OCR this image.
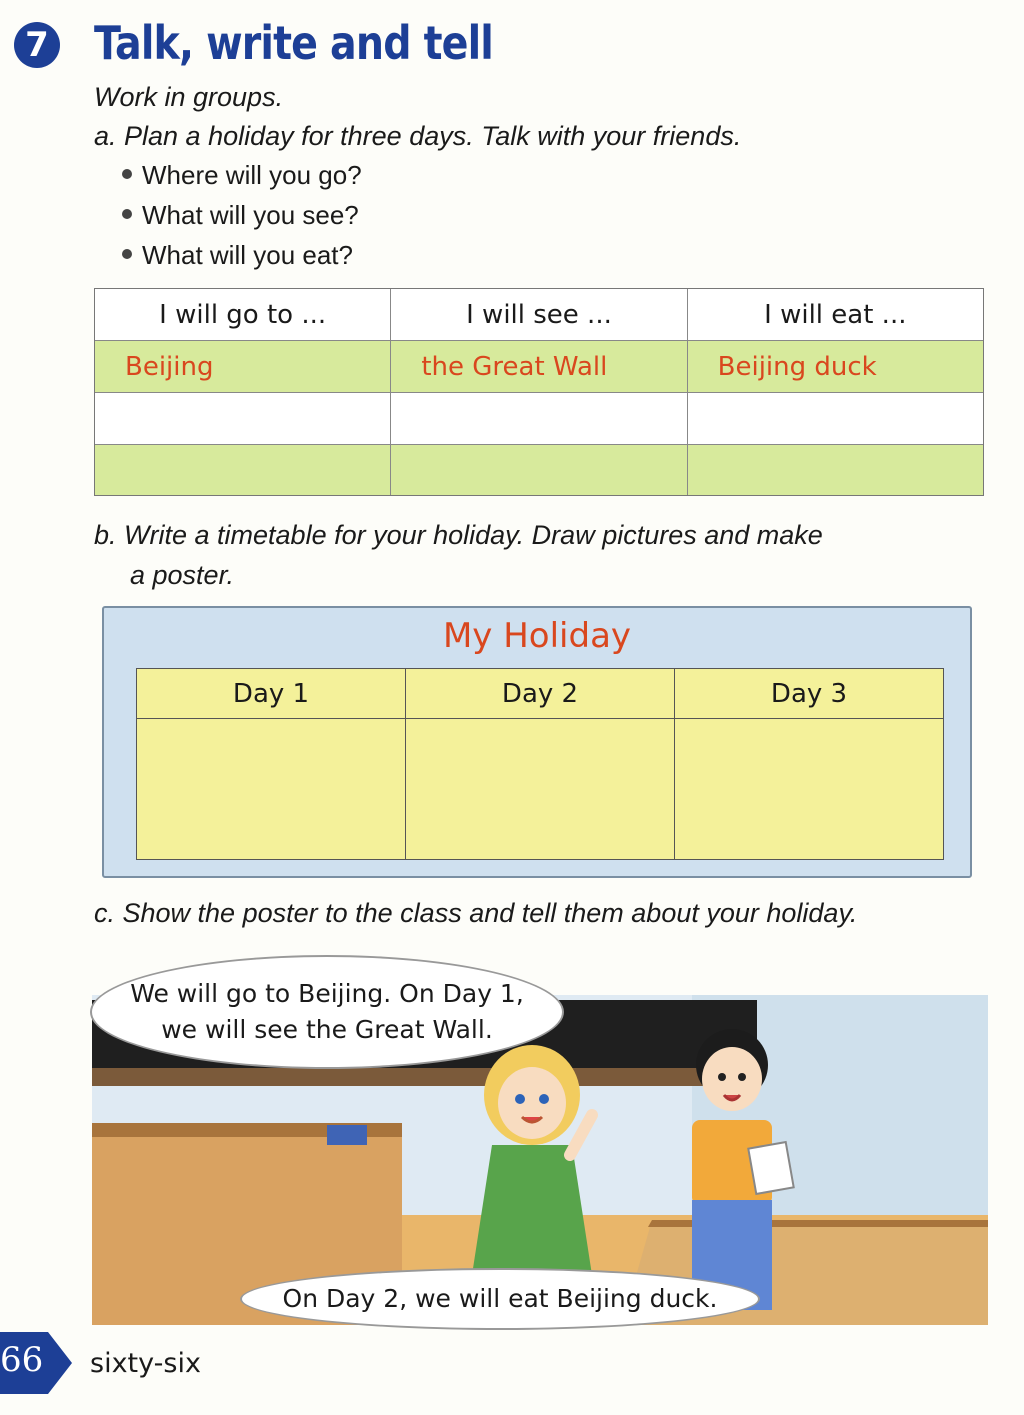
7 Talk, write and tell
Work in groups.
a. Plan a holiday for three days. Talk with your friends.
Where will you go?
What will you see?
What will you eat?
I will go to ...	I will see ...	I will eat ...
Beijing	the Great Wall	Beijing duck
b. Write a timetable for your holiday. Draw pictures and make
a poster.
My Holiday
Day 1	Day 2	Day 3
c. Show the poster to the class and tell them about your holiday.
We will go to Beijing. On Day 1,
we will see the Great Wall.
On Day 2, we will eat Beijing duck.
66 sixty-six
